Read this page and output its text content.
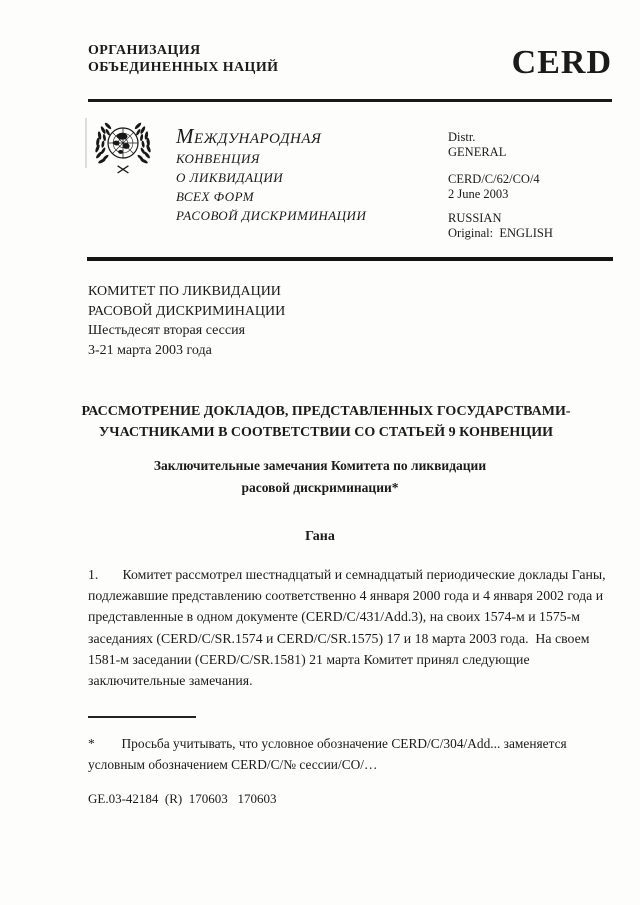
ОРГАНИЗАЦИЯ
ОБЪЕДИНЕННЫХ НАЦИЙ	CERD
МЕЖДУНАРОДНАЯ
КОНВЕНЦИЯ
О ЛИКВИДАЦИИ
ВСЕХ ФОРМ
РАСОВОЙ ДИСКРИМИНАЦИИ
Distr.
GENERAL
CERD/C/62/CO/4
2 June 2003
RUSSIAN
Original:  ENGLISH
КОМИТЕТ ПО ЛИКВИДАЦИИ
РАСОВОЙ ДИСКРИМИНАЦИИ
Шестьдесят вторая сессия
3-21 марта 2003 года
РАССМОТРЕНИЕ ДОКЛАДОВ, ПРЕДСТАВЛЕННЫХ ГОСУДАРСТВАМИ-
УЧАСТНИКАМИ В СООТВЕТСТВИИ СО СТАТЬЕЙ 9 КОНВЕНЦИИ
Заключительные замечания Комитета по ликвидации
расовой дискриминации*
Гана
1.       Комитет рассмотрел шестнадцатый и семнадцатый периодические доклады Ганы,
подлежавшие представлению соответственно 4 января 2000 года и 4 января 2002 года и
представленные в одном документе (CERD/C/431/Add.3), на своих 1574-м и 1575-м
заседаниях (CERD/C/SR.1574 и CERD/C/SR.1575) 17 и 18 марта 2003 года.  На своем
1581-м заседании (CERD/C/SR.1581) 21 марта Комитет принял следующие
заключительные замечания.
*        Просьба учитывать, что условное обозначение CERD/C/304/Add... заменяется
условным обозначением CERD/C/№ сессии/CO/…
GE.03-42184  (R)  170603   170603
